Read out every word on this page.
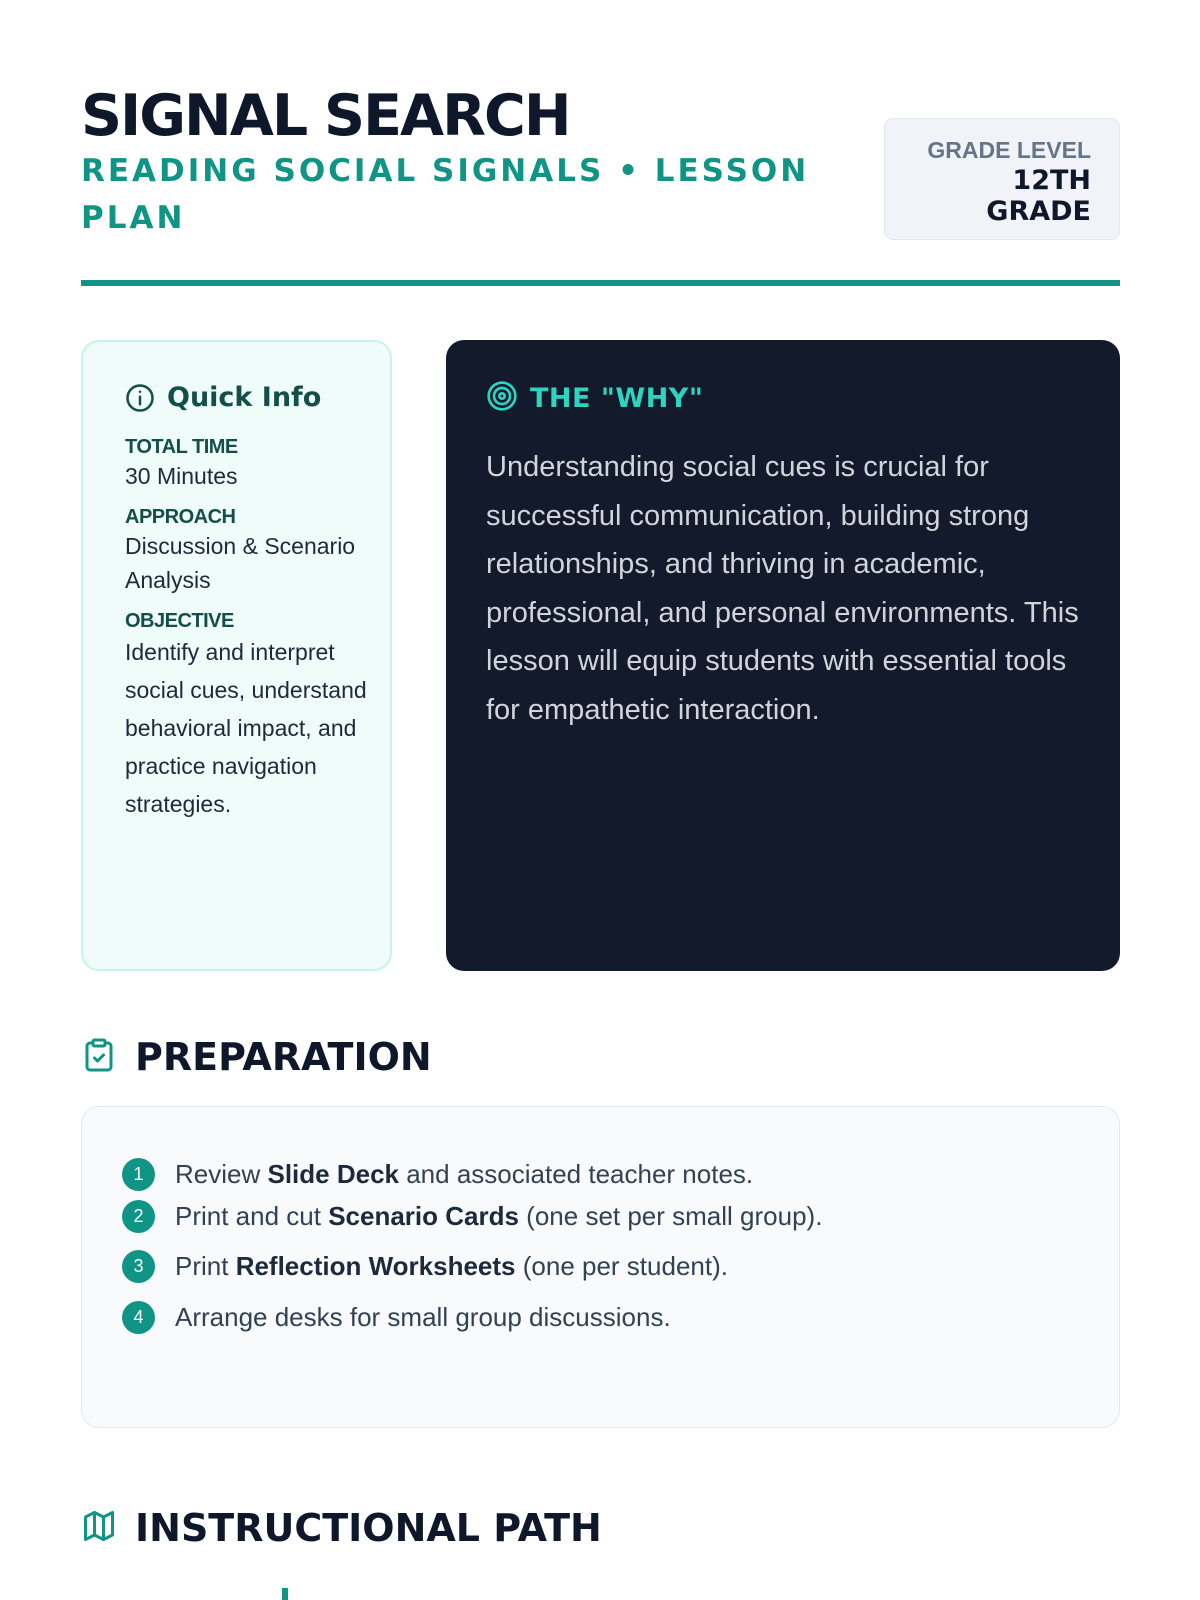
SIGNAL SEARCH
READING SOCIAL SIGNALS • LESSON PLAN
GRADE LEVEL
12TH
GRADE
Quick Info
TOTAL TIME
30 Minutes
APPROACH
Discussion & Scenario Analysis
OBJECTIVE
Identify and interpret social cues, understand behavioral impact, and practice navigation strategies.
THE "WHY"

Understanding social cues is crucial for successful communication, building strong relationships, and thriving in academic, professional, and personal environments. This lesson will equip students with essential tools for empathetic interaction.

PREPARATION
1	Review Slide Deck and associated teacher notes.
2	Print and cut Scenario Cards (one set per small group).
3	Print Reflection Worksheets (one per student).
4	Arrange desks for small group discussions.
INSTRUCTIONAL PATH
